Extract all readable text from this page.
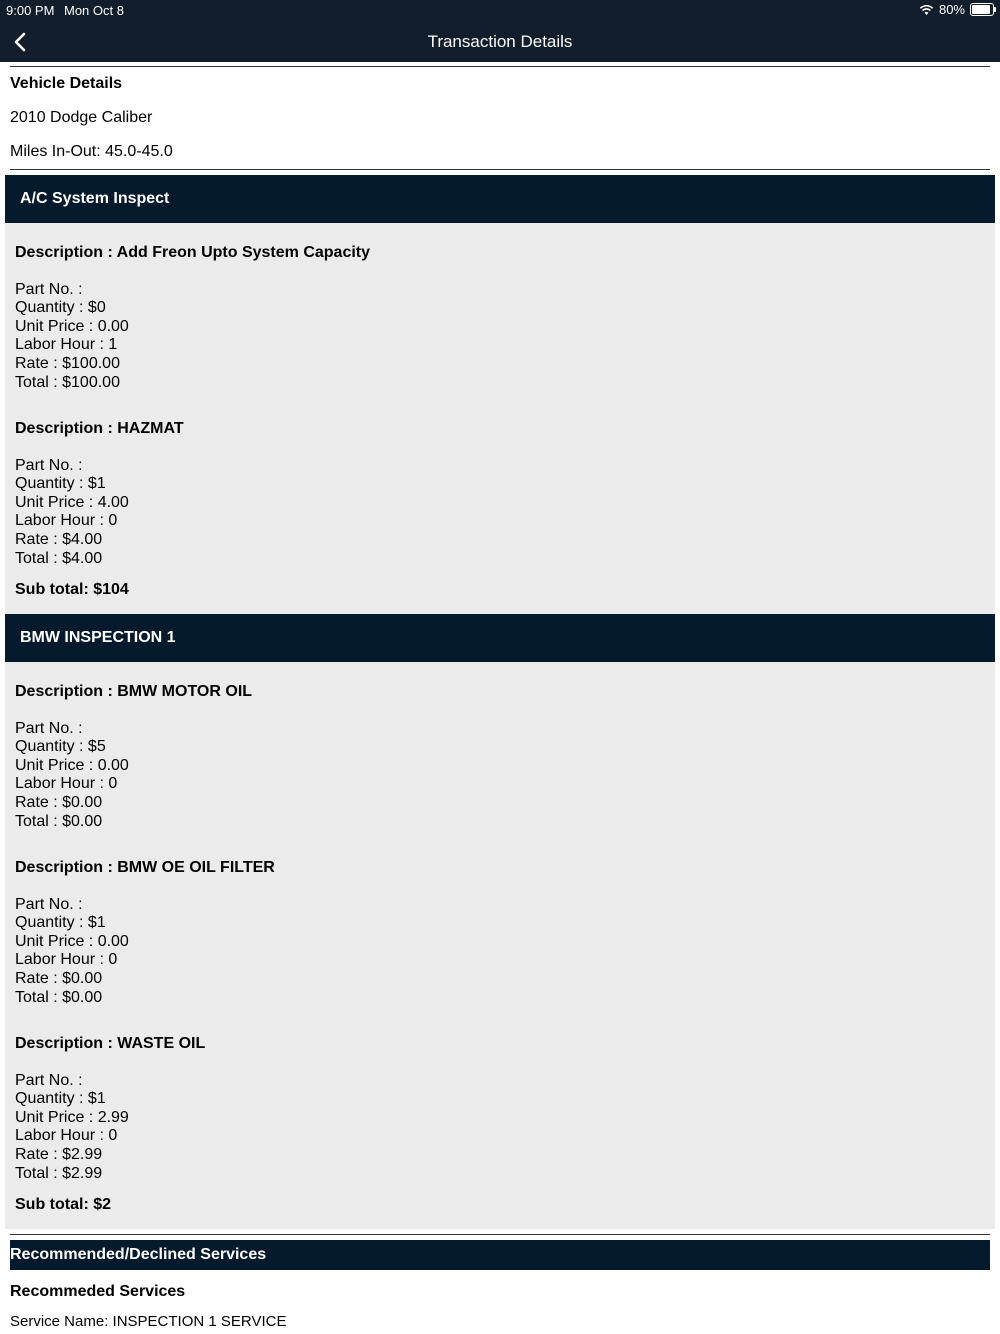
9:00 PM Mon Oct 8	80%
Transaction Details
Vehicle Details
2010 Dodge Caliber
Miles In-Out: 45.0-45.0
A/C System Inspect
Description : Add Freon Upto System Capacity
Part No. :
Quantity : $0
Unit Price : 0.00
Labor Hour : 1
Rate : $100.00
Total : $100.00
Description : HAZMAT
Part No. :
Quantity : $1
Unit Price : 4.00
Labor Hour : 0
Rate : $4.00
Total : $4.00
Sub total: $104
BMW INSPECTION 1
Description : BMW MOTOR OIL
Part No. :
Quantity : $5
Unit Price : 0.00
Labor Hour : 0
Rate : $0.00
Total : $0.00
Description : BMW OE OIL FILTER
Part No. :
Quantity : $1
Unit Price : 0.00
Labor Hour : 0
Rate : $0.00
Total : $0.00
Description : WASTE OIL
Part No. :
Quantity : $1
Unit Price : 2.99
Labor Hour : 0
Rate : $2.99
Total : $2.99
Sub total: $2
Recommended/Declined Services
Recommeded Services
Service Name: INSPECTION 1 SERVICE
